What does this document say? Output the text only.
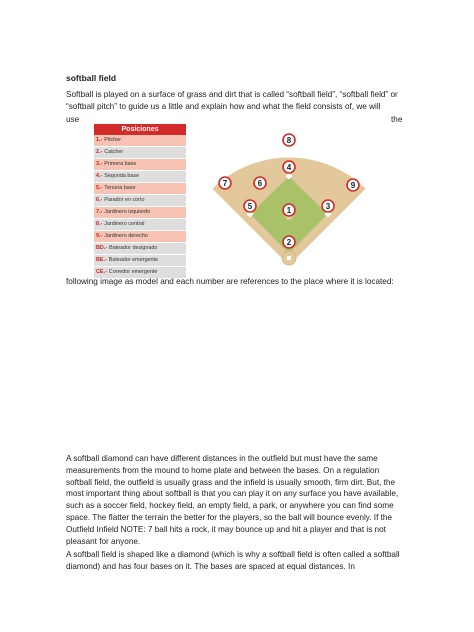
softball field
Softball is played on a surface of grass and dirt that is called “softball field”, “softball field” or “softball pitch” to guide us a little and explain how and what the field consists of, we will
use	the
Posiciones
1.- Pitcher
2.- Catcher
3.- Primera base
4.- Segunda base
5.- Tercera base
6.- Parador en corto
7.- Jardinero izquierdo
8.- Jardinero central
9.- Jardinero derecho
BD.- Bateador designado
BE.- Bateador emergente
CE.- Corredor emergente
8
7	6
4
9
5	1	3
2
following image as model and each number are references to the place where it is located:
A softball diamond can have different distances in the outfield but must have the same measurements from the mound to home plate and between the bases. On a regulation softball field, the outfield is usually grass and the infield is usually smooth, firm dirt. But, the most important thing about softball is that you can play it on any surface you have available, such as a soccer field, hockey field, an empty field, a park, or anywhere you can find some space. The flatter the terrain the better for the players, so the ball will bounce evenly. If the Outfield Infield NOTE: 7 ball hits a rock, it may bounce up and hit a player and that is not pleasant for anyone.
A softball field is shaped like a diamond (which is why a softball field is often called a softball diamond) and has four bases on it. The bases are spaced at equal distances. In
